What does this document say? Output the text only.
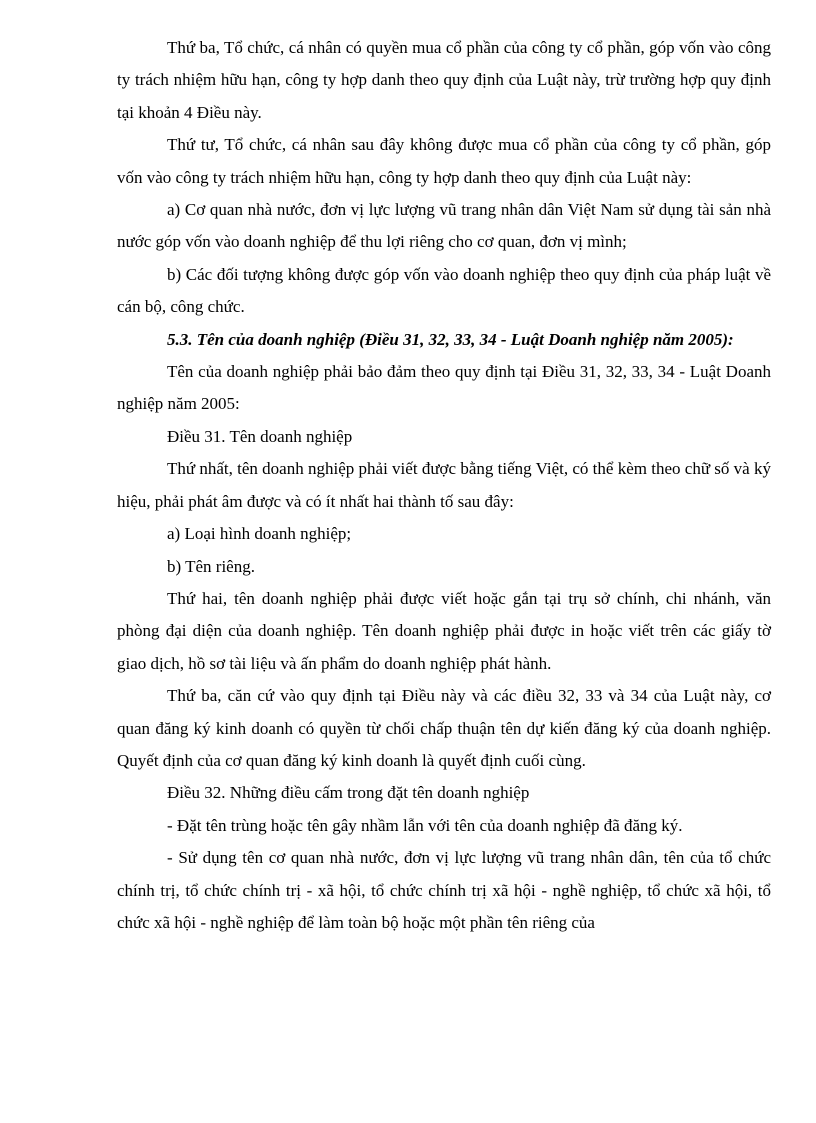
Thứ ba, Tổ chức, cá nhân có quyền mua cổ phần của công ty cổ phần, góp vốn vào công ty trách nhiệm hữu hạn, công ty hợp danh theo quy định của Luật này, trừ trường hợp quy định tại khoản 4 Điều này.

Thứ tư, Tổ chức, cá nhân sau đây không được mua cổ phần của công ty cổ phần, góp vốn vào công ty trách nhiệm hữu hạn, công ty hợp danh theo quy định của Luật này:

a) Cơ quan nhà nước, đơn vị lực lượng vũ trang nhân dân Việt Nam sử dụng tài sản nhà nước góp vốn vào doanh nghiệp để thu lợi riêng cho cơ quan, đơn vị mình;

b) Các đối tượng không được góp vốn vào doanh nghiệp theo quy định của pháp luật về cán bộ, công chức.

5.3. Tên của doanh nghiệp (Điều 31, 32, 33, 34 - Luật Doanh nghiệp năm 2005):

Tên của doanh nghiệp phải bảo đảm theo quy định tại Điều 31, 32, 33, 34 - Luật Doanh nghiệp năm 2005:

Điều 31. Tên doanh nghiệp

Thứ nhất, tên doanh nghiệp phải viết được bằng tiếng Việt, có thể kèm theo chữ số và ký hiệu, phải phát âm được và có ít nhất hai thành tố sau đây:

a) Loại hình doanh nghiệp;

b) Tên riêng.

Thứ hai, tên doanh nghiệp phải được viết hoặc gắn tại trụ sở chính, chi nhánh, văn phòng đại diện của doanh nghiệp. Tên doanh nghiệp phải được in hoặc viết trên các giấy tờ giao dịch, hồ sơ tài liệu và ấn phẩm do doanh nghiệp phát hành.

Thứ ba, căn cứ vào quy định tại Điều này và các điều 32, 33 và 34 của Luật này, cơ quan đăng ký kinh doanh có quyền từ chối chấp thuận tên dự kiến đăng ký của doanh nghiệp. Quyết định của cơ quan đăng ký kinh doanh là quyết định cuối cùng.

Điều 32. Những điều cấm trong đặt tên doanh nghiệp

- Đặt tên trùng hoặc tên gây nhầm lẫn với tên của doanh nghiệp đã đăng ký.

- Sử dụng tên cơ quan nhà nước, đơn vị lực lượng vũ trang nhân dân, tên của tổ chức chính trị, tổ chức chính trị - xã hội, tổ chức chính trị xã hội - nghề nghiệp, tổ chức xã hội, tổ chức xã hội - nghề nghiệp để làm toàn bộ hoặc một phần tên riêng của
